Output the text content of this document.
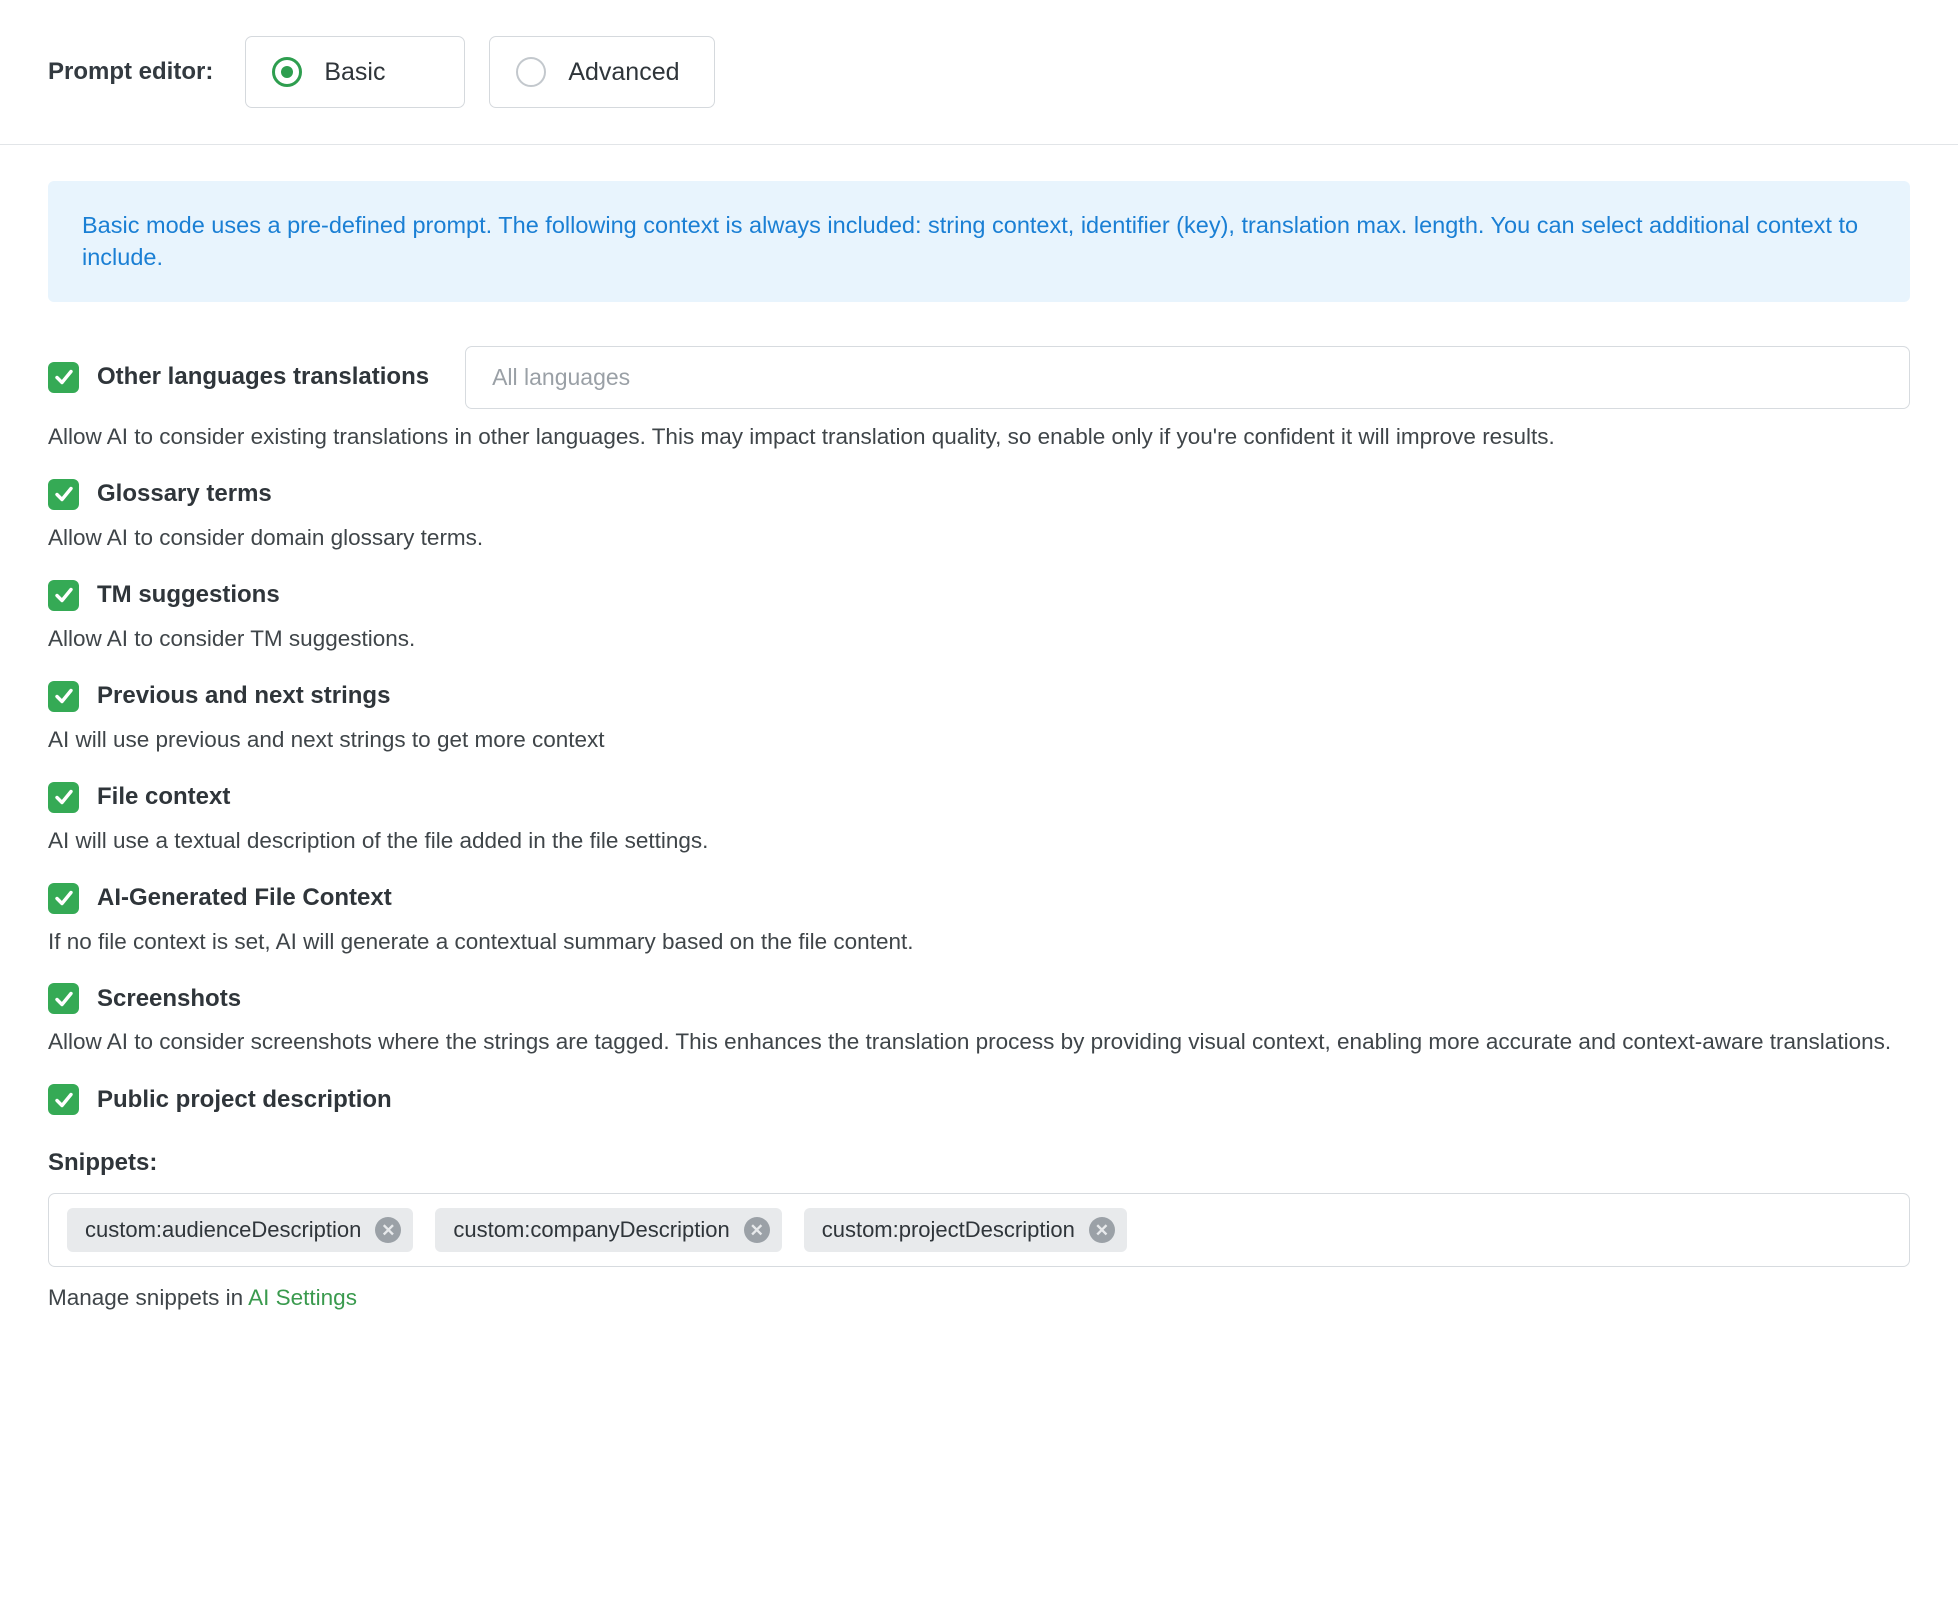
Prompt editor:	Basic	Advanced
Basic mode uses a pre-defined prompt. The following context is always included: string context, identifier (key), translation max. length. You can select additional context to include.
Other languages translations	All languages
Allow AI to consider existing translations in other languages. This may impact translation quality, so enable only if you're confident it will improve results.
Glossary terms
Allow AI to consider domain glossary terms.
TM suggestions
Allow AI to consider TM suggestions.
Previous and next strings
AI will use previous and next strings to get more context
File context
AI will use a textual description of the file added in the file settings.
AI-Generated File Context
If no file context is set, AI will generate a contextual summary based on the file content.
Screenshots
Allow AI to consider screenshots where the strings are tagged. This enhances the translation process by providing visual context, enabling more accurate and context-aware translations.
Public project description
Snippets:
custom:audienceDescription	✕	custom:companyDescription	✕	custom:projectDescription	✕
Manage snippets in AI Settings
